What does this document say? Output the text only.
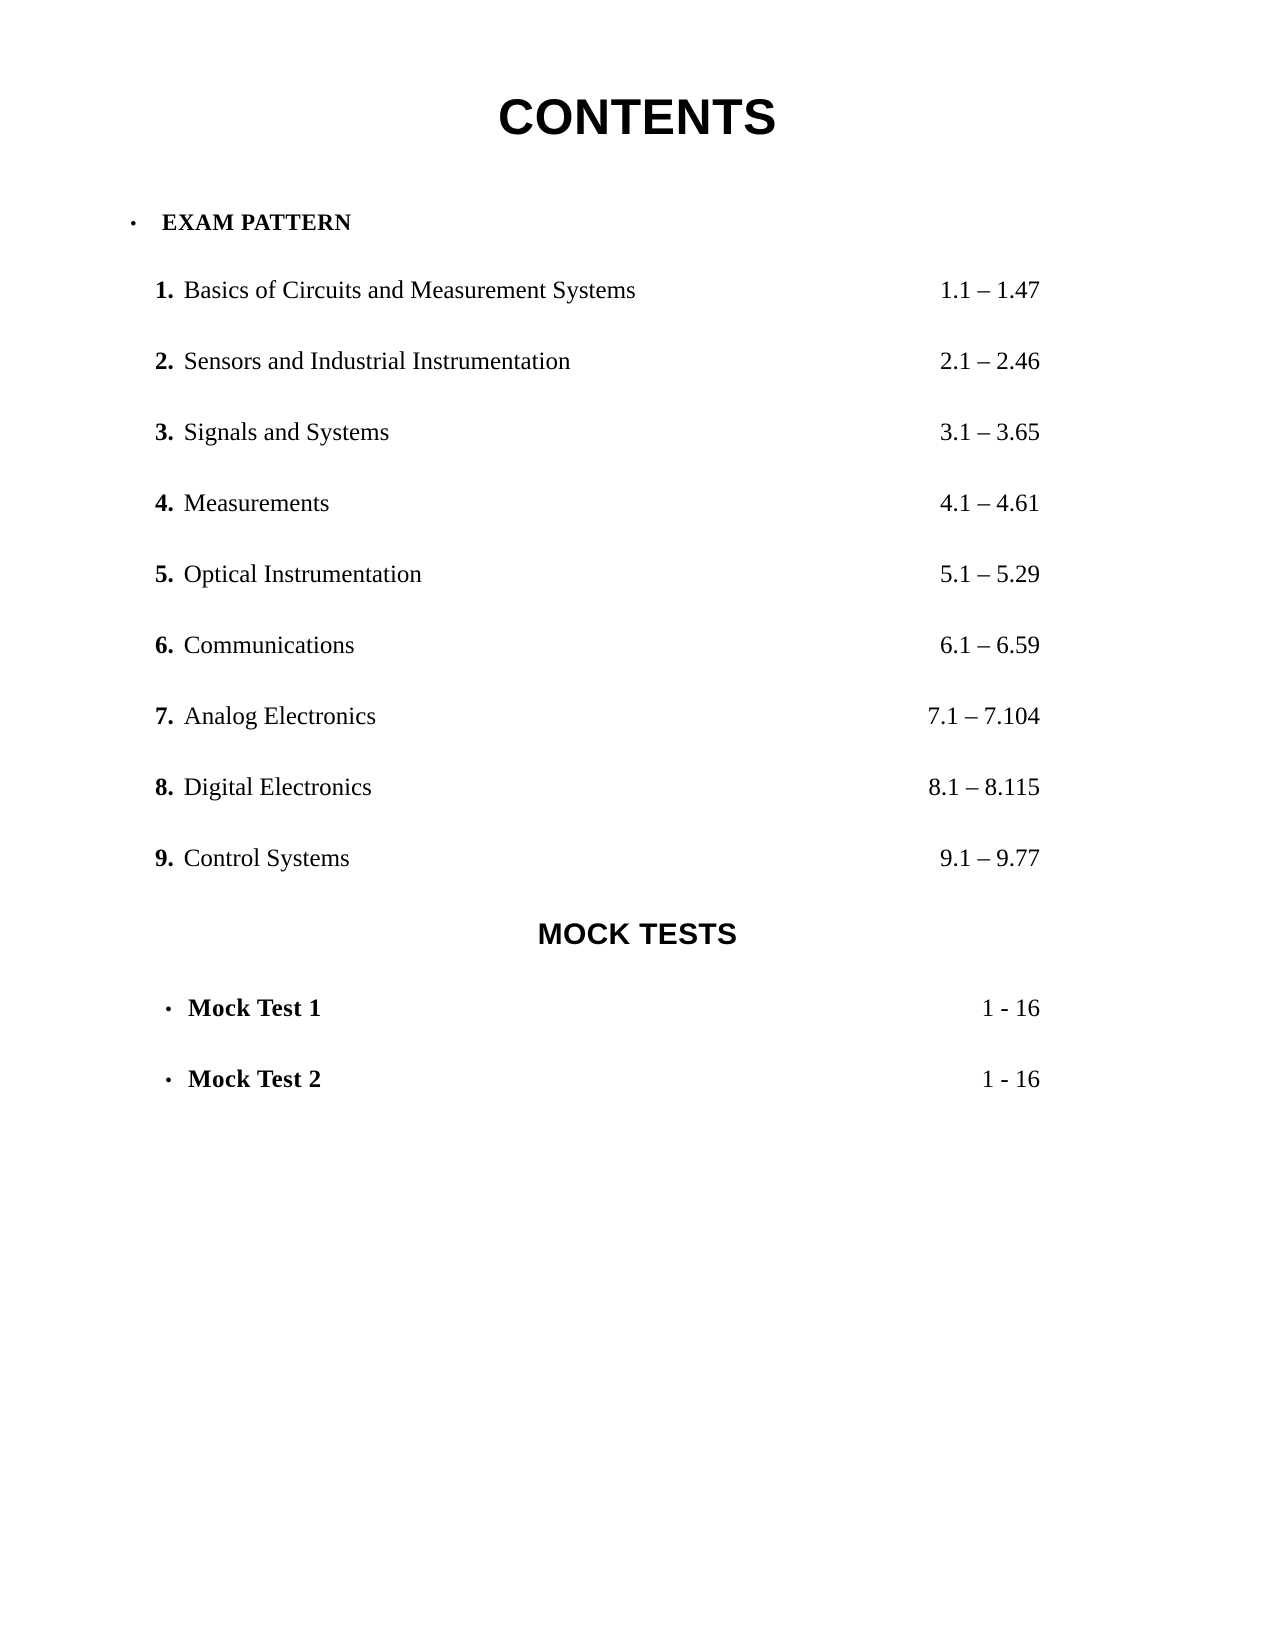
CONTENTS
•	EXAM PATTERN
1. Basics of Circuits and Measurement Systems	1.1 – 1.47
2. Sensors and Industrial Instrumentation	2.1 – 2.46
3. Signals and Systems	3.1 – 3.65
4. Measurements	4.1 – 4.61
5. Optical Instrumentation	5.1 – 5.29
6. Communications	6.1 – 6.59
7. Analog Electronics	7.1 – 7.104
8. Digital Electronics	8.1 – 8.115
9. Control Systems	9.1 – 9.77
MOCK TESTS
• Mock Test 1	1 - 16
• Mock Test 2	1 - 16
